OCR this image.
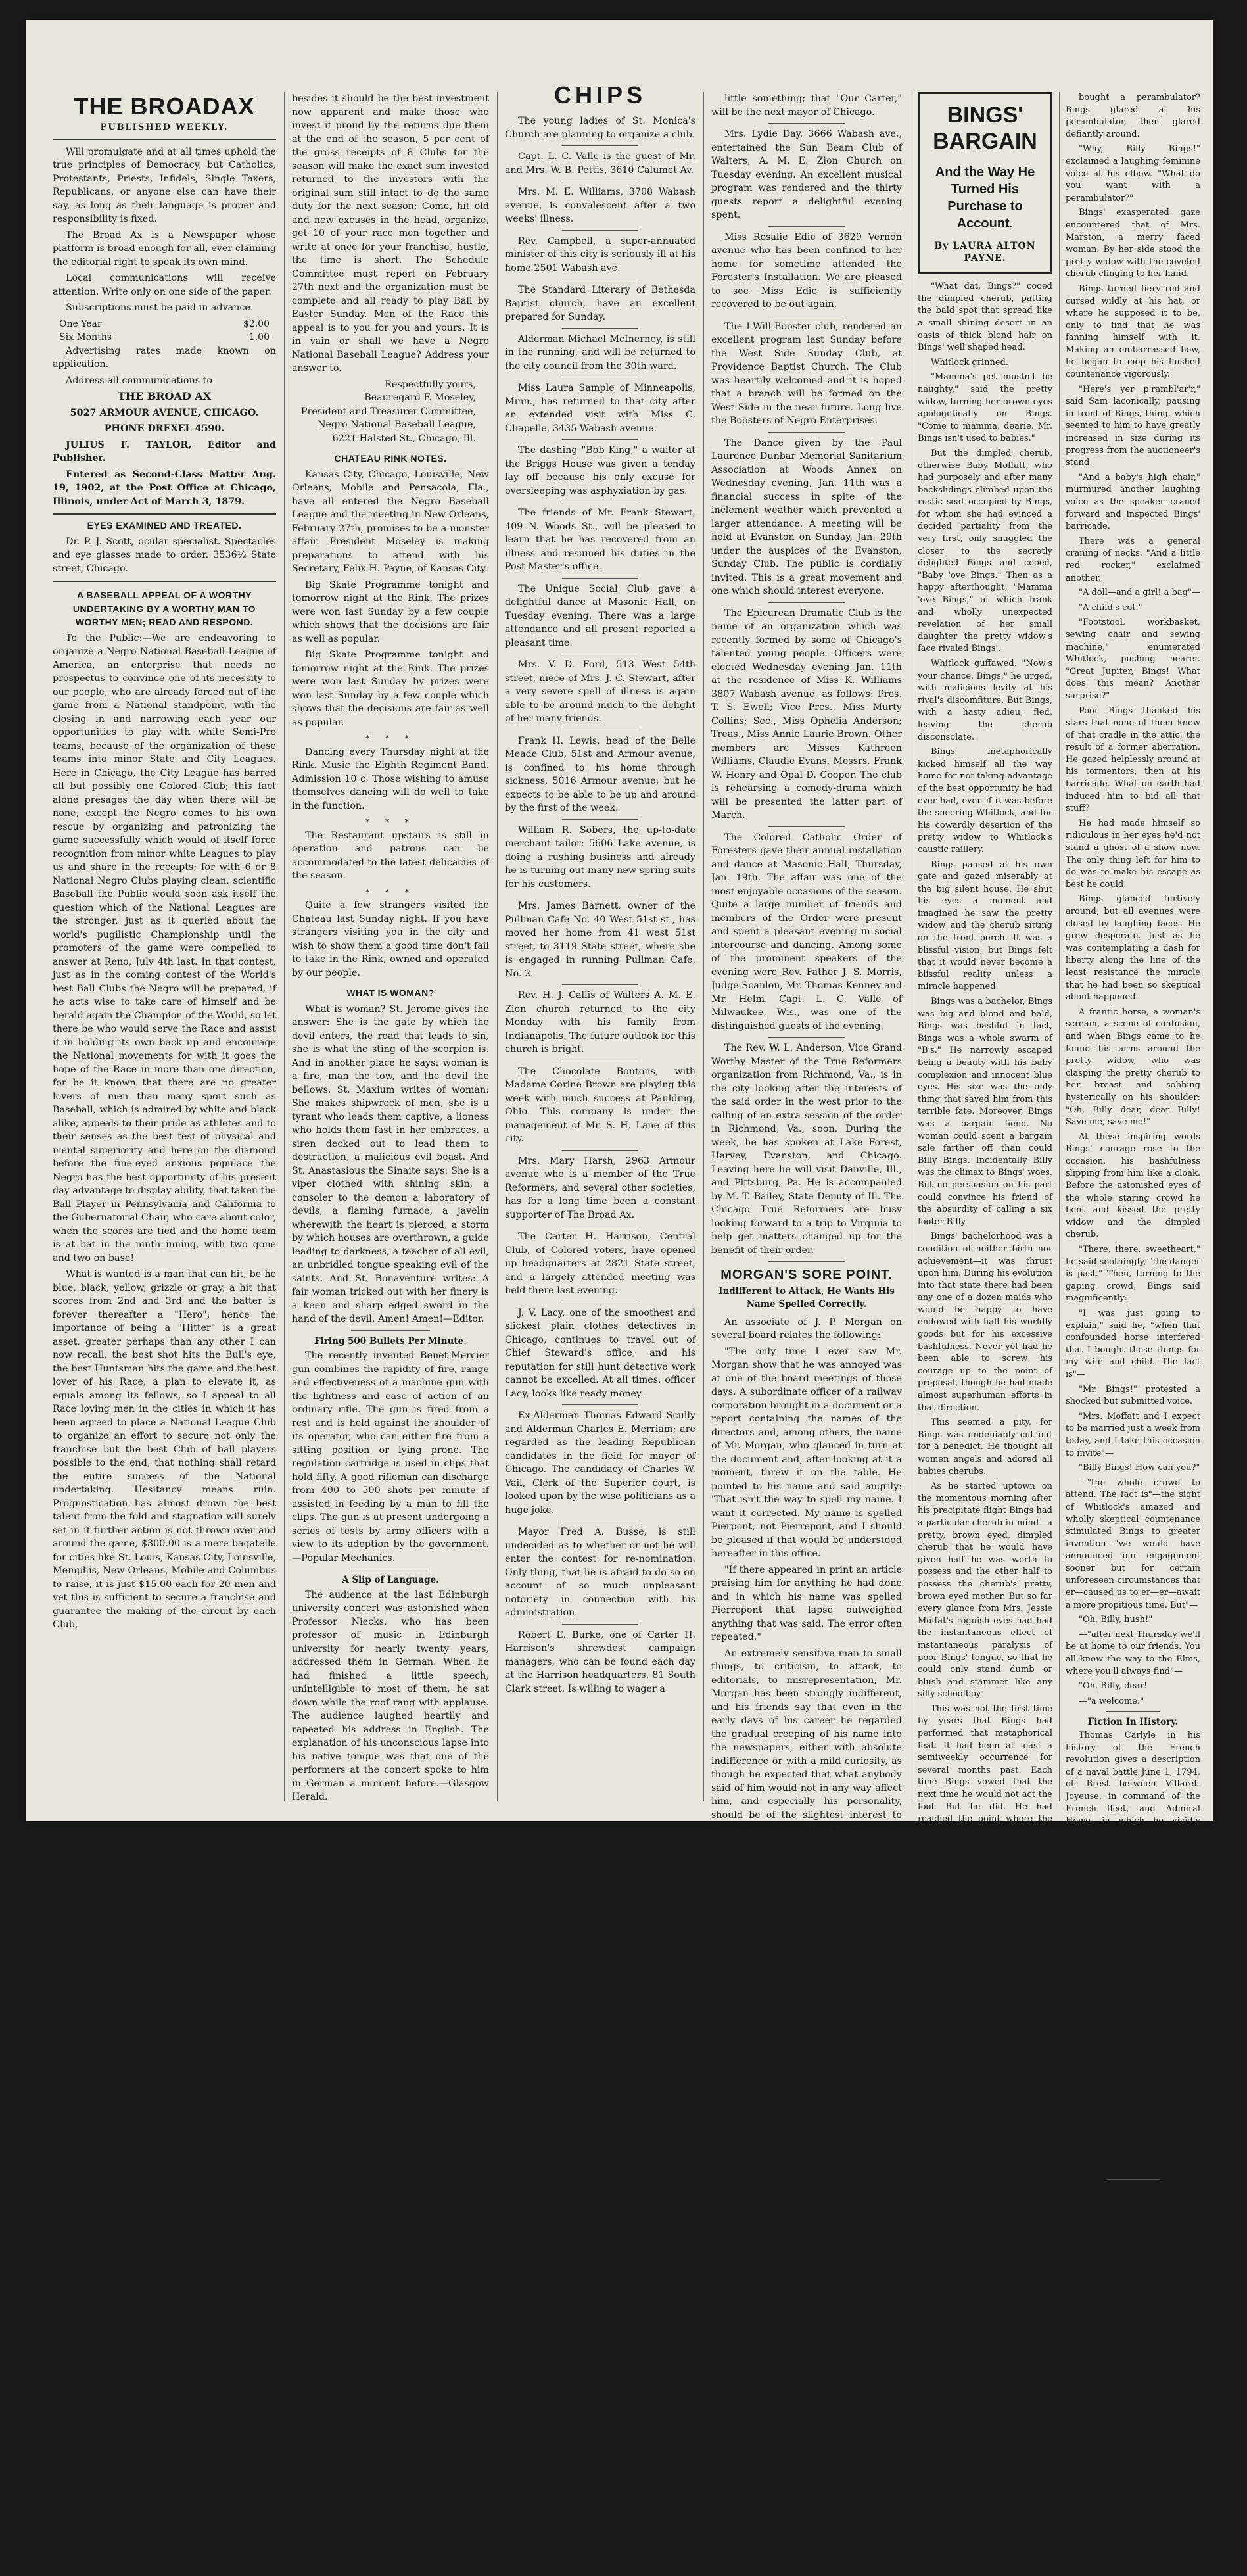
THE BROADAX
PUBLISHED WEEKLY.

Will promulgate and at all times uphold the true principles of Democracy, but Catholics, Protestants, Priests, Infidels, Single Taxers, Republicans, or anyone else can have their say, as long as their language is proper and responsibility is fixed.

The Broad Ax is a Newspaper whose platform is broad enough for all, ever claiming the editorial right to speak its own mind.

Local communications will receive attention. Write only on one side of the paper.

Subscriptions must be paid in advance.

One Year	$2.00
Six Months	1.00

Advertising rates made known on application.

Address all communications to

THE BROAD AX
5027 ARMOUR AVENUE, CHICAGO.
PHONE DREXEL 4590.

JULIUS F. TAYLOR, Editor and Publisher.

Entered as Second-Class Matter Aug. 19, 1902, at the Post Office at Chicago, Illinois, under Act of March 3, 1879.

EYES EXAMINED AND TREATED.

Dr. P. J. Scott, ocular specialist. Spectacles and eye glasses made to order. 3536½ State street, Chicago.

A BASEBALL APPEAL OF A WORTHY UNDERTAKING BY A WORTHY MAN TO WORTHY MEN; READ AND RESPOND.

To the Public:—We are endeavoring to organize a Negro National Baseball League of America, an enterprise that needs no prospectus to convince one of its necessity to our people, who are already forced out of the game from a National standpoint, with the closing in and narrowing each year our opportunities to play with white Semi-Pro teams, because of the organization of these teams into minor State and City Leagues. Here in Chicago, the City League has barred all but possibly one Colored Club; this fact alone presages the day when there will be none, except the Negro comes to his own rescue by organizing and patronizing the game successfully which would of itself force recognition from minor white Leagues to play us and share in the receipts; for with 6 or 8 National Negro Clubs playing clean, scientific Baseball the Public would soon ask itself the question which of the National Leagues are the stronger, just as it queried about the world's pugilistic Championship until the promoters of the game were compelled to answer at Reno, July 4th last. In that contest, just as in the coming contest of the World's best Ball Clubs the Negro will be prepared, if he acts wise to take care of himself and be herald again the Champion of the World, so let there be who would serve the Race and assist it in holding its own back up and encourage the National movements for with it goes the hope of the Race in more than one direction, for be it known that there are no greater lovers of men than many sport such as Baseball, which is admired by white and black alike, appeals to their pride as athletes and to their senses as the best test of physical and mental superiority and here on the diamond before the fine-eyed anxious populace the Negro has the best opportunity of his present day advantage to display ability, that taken the Ball Player in Pennsylvania and California to the Gubernatorial Chair, who care about color, when the scores are tied and the home team is at bat in the ninth inning, with two gone and two on base!

What is wanted is a man that can hit, be he blue, black, yellow, grizzle or gray, a hit that scores from 2nd and 3rd and the batter is forever thereafter a "Hero"; hence the importance of being a "Hitter" is a great asset, greater perhaps than any other I can now recall, the best shot hits the Bull's eye, the best Huntsman hits the game and the best lover of his Race, a plan to elevate it, as equals among its fellows, so I appeal to all Race loving men in the cities in which it has been agreed to place a National League Club to organize an effort to secure not only the franchise but the best Club of ball players possible to the end, that nothing shall retard the entire success of the National undertaking. Hesitancy means ruin. Prognostication has almost drown the best talent from the fold and stagnation will surely set in if further action is not thrown over and around the game, $300.00 is a mere bagatelle for cities like St. Louis, Kansas City, Louisville, Memphis, New Orleans, Mobile and Columbus to raise, it is just $15.00 each for 20 men and yet this is sufficient to secure a franchise and guarantee the making of the circuit by each Club,

besides it should be the best investment now apparent and make those who invest it proud by the returns due them at the end of the season, 5 per cent of the gross receipts of 8 Clubs for the season will make the exact sum invested returned to the investors with the original sum still intact to do the same duty for the next season; Come, hit old and new excuses in the head, organize, get 10 of your race men together and write at once for your franchise, hustle, the time is short. The Schedule Committee must report on February 27th next and the organization must be complete and all ready to play Ball by Easter Sunday. Men of the Race this appeal is to you for you and yours. It is in vain or shall we have a Negro National Baseball League? Address your answer to.

Respectfully yours,
Beauregard F. Moseley,
President and Treasurer Committee, Negro National Baseball League,
6221 Halsted St., Chicago, Ill.
CHATEAU RINK NOTES.

Kansas City, Chicago, Louisville, New Orleans, Mobile and Pensacola, Fla., have all entered the Negro Baseball League and the meeting in New Orleans, February 27th, promises to be a monster affair. President Moseley is making preparations to attend with his Secretary, Felix H. Payne, of Kansas City.

Big Skate Programme tonight and tomorrow night at the Rink. The prizes were won last Sunday by a few couple which shows that the decisions are fair as well as popular.

Big Skate Programme tonight and tomorrow night at the Rink. The prizes were won last Sunday by prizes were won last Sunday by a few couple which shows that the decisions are fair as well as popular.

* * *

Dancing every Thursday night at the Rink. Music the Eighth Regiment Band. Admission 10 c. Those wishing to amuse themselves dancing will do well to take in the function.

* * *

The Restaurant upstairs is still in operation and patrons can be accommodated to the latest delicacies of the season.

* * *

Quite a few strangers visited the Chateau last Sunday night. If you have strangers visiting you in the city and wish to show them a good time don't fail to take in the Rink, owned and operated by our people.

WHAT IS WOMAN?

What is woman? St. Jerome gives the answer: She is the gate by which the devil enters, the road that leads to sin, she is what the sting of the scorpion is. And in another place he says: woman is a fire, man the tow, and the devil the bellows. St. Maxium writes of woman: She makes shipwreck of men, she is a tyrant who leads them captive, a lioness who holds them fast in her embraces, a siren decked out to lead them to destruction, a malicious evil beast. And St. Anastasious the Sinaite says: She is a viper clothed with shining skin, a consoler to the demon a laboratory of devils, a flaming furnace, a javelin wherewith the heart is pierced, a storm by which houses are overthrown, a guide leading to darkness, a teacher of all evil, an unbridled tongue speaking evil of the saints. And St. Bonaventure writes: A fair woman tricked out with her finery is a keen and sharp edged sword in the hand of the devil. Amen! Amen!—Editor.

Firing 500 Bullets Per Minute.

The recently invented Benet-Mercier gun combines the rapidity of fire, range and effectiveness of a machine gun with the lightness and ease of action of an ordinary rifle. The gun is fired from a rest and is held against the shoulder of its operator, who can either fire from a sitting position or lying prone. The regulation cartridge is used in clips that hold fifty. A good rifleman can discharge from 400 to 500 shots per minute if assisted in feeding by a man to fill the clips. The gun is at present undergoing a series of tests by army officers with a view to its adoption by the government.—Popular Mechanics.

A Slip of Language.

The audience at the last Edinburgh university concert was astonished when Professor Niecks, who has been professor of music in Edinburgh university for nearly twenty years, addressed them in German. When he had finished a little speech, unintelligible to most of them, he sat down while the roof rang with applause. The audience laughed heartily and repeated his address in English. The explanation of his unconscious lapse into his native tongue was that one of the performers at the concert spoke to him in German a moment before.—Glasgow Herald.

CHIPS

The young ladies of St. Monica's Church are planning to organize a club.

Capt. L. C. Valle is the guest of Mr. and Mrs. W. B. Pettis, 3610 Calumet Av.

Mrs. M. E. Williams, 3708 Wabash avenue, is convalescent after a two weeks' illness.

Rev. Campbell, a super-annuated minister of this city is seriously ill at his home 2501 Wabash ave.

The Standard Literary of Bethesda Baptist church, have an excellent prepared for Sunday.

Alderman Michael McInerney, is still in the running, and will be returned to the city council from the 30th ward.

Miss Laura Sample of Minneapolis, Minn., has returned to that city after an extended visit with Miss C. Chapelle, 3435 Wabash avenue.

The dashing "Bob King," a waiter at the Briggs House was given a tenday lay off because his only excuse for oversleeping was asphyxiation by gas.

The friends of Mr. Frank Stewart, 409 N. Woods St., will be pleased to learn that he has recovered from an illness and resumed his duties in the Post Master's office.

The Unique Social Club gave a delightful dance at Masonic Hall, on Tuesday evening. There was a large attendance and all present reported a pleasant time.

Mrs. V. D. Ford, 513 West 54th street, niece of Mrs. J. C. Stewart, after a very severe spell of illness is again able to be around much to the delight of her many friends.

Frank H. Lewis, head of the Belle Meade Club, 51st and Armour avenue, is confined to his home through sickness, 5016 Armour avenue; but he expects to be able to be up and around by the first of the week.

William R. Sobers, the up-to-date merchant tailor; 5606 Lake avenue, is doing a rushing business and already he is turning out many new spring suits for his customers.

Mrs. James Barnett, owner of the Pullman Cafe No. 40 West 51st st., has moved her home from 41 west 51st street, to 3119 State street, where she is engaged in running Pullman Cafe, No. 2.

Rev. H. J. Callis of Walters A. M. E. Zion church returned to the city Monday with his family from Indianapolis. The future outlook for this church is bright.

The Chocolate Bontons, with Madame Corine Brown are playing this week with much success at Paulding, Ohio. This company is under the management of Mr. S. H. Lane of this city.

Mrs. Mary Harsh, 2963 Armour avenue who is a member of the True Reformers, and several other societies, has for a long time been a constant supporter of The Broad Ax.

The Carter H. Harrison, Central Club, of Colored voters, have opened up headquarters at 2821 State street, and a largely attended meeting was held there last evening.

J. V. Lacy, one of the smoothest and slickest plain clothes detectives in Chicago, continues to travel out of Chief Steward's office, and his reputation for still hunt detective work cannot be excelled. At all times, officer Lacy, looks like ready money.

Ex-Alderman Thomas Edward Scully and Alderman Charles E. Merriam; are regarded as the leading Republican candidates in the field for mayor of Chicago. The candidacy of Charles W. Vail, Clerk of the Superior court, is looked upon by the wise politicians as a huge joke.

Mayor Fred A. Busse, is still undecided as to whether or not he will enter the contest for re-nomination. Only thing, that he is afraid to do so on account of so much unpleasant notoriety in connection with his administration.

Robert E. Burke, one of Carter H. Harrison's shrewdest campaign managers, who can be found each day at the Harrison headquarters, 81 South Clark street. Is willing to wager a

little something; that "Our Carter," will be the next mayor of Chicago.

Mrs. Lydie Day, 3666 Wabash ave., entertained the Sun Beam Club of Walters, A. M. E. Zion Church on Tuesday evening. An excellent musical program was rendered and the thirty guests report a delightful evening spent.

Miss Rosalie Edie of 3629 Vernon avenue who has been confined to her home for sometime attended the Forester's Installation. We are pleased to see Miss Edie is sufficiently recovered to be out again.

The I-Will-Booster club, rendered an excellent program last Sunday before the West Side Sunday Club, at Providence Baptist Church. The Club was heartily welcomed and it is hoped that a branch will be formed on the West Side in the near future. Long live the Boosters of Negro Enterprises.

The Dance given by the Paul Laurence Dunbar Memorial Sanitarium Association at Woods Annex on Wednesday evening, Jan. 11th was a financial success in spite of the inclement weather which prevented a larger attendance. A meeting will be held at Evanston on Sunday, Jan. 29th under the auspices of the Evanston, Sunday Club. The public is cordially invited. This is a great movement and one which should interest everyone.

The Epicurean Dramatic Club is the name of an organization which was recently formed by some of Chicago's talented young people. Officers were elected Wednesday evening Jan. 11th at the residence of Miss K. Williams 3807 Wabash avenue, as follows: Pres. T. S. Ewell; Vice Pres., Miss Murty Collins; Sec., Miss Ophelia Anderson; Treas., Miss Annie Laurie Brown. Other members are Misses Kathreen Williams, Claudie Evans, Messrs. Frank W. Henry and Opal D. Cooper. The club is rehearsing a comedy-drama which will be presented the latter part of March.

The Colored Catholic Order of Foresters gave their annual installation and dance at Masonic Hall, Thursday, Jan. 19th. The affair was one of the most enjoyable occasions of the season. Quite a large number of friends and members of the Order were present and spent a pleasant evening in social intercourse and dancing. Among some of the prominent speakers of the evening were Rev. Father J. S. Morris, Judge Scanlon, Mr. Thomas Kenney and Mr. Helm. Capt. L. C. Valle of Milwaukee, Wis., was one of the distinguished guests of the evening.

The Rev. W. L. Anderson, Vice Grand Worthy Master of the True Reformers organization from Richmond, Va., is in the city looking after the interests of the said order in the west prior to the calling of an extra session of the order in Richmond, Va., soon. During the week, he has spoken at Lake Forest, Harvey, Evanston, and Chicago. Leaving here he will visit Danville, Ill., and Pittsburg, Pa. He is accompanied by M. T. Bailey, State Deputy of Ill. The Chicago True Reformers are busy looking forward to a trip to Virginia to help get matters changed up for the benefit of their order.

MORGAN'S SORE POINT.
Indifferent to Attack, He Wants His Name Spelled Correctly.

An associate of J. P. Morgan on several board relates the following:

"The only time I ever saw Mr. Morgan show that he was annoyed was at one of the board meetings of those days. A subordinate officer of a railway corporation brought in a document or a report containing the names of the directors and, among others, the name of Mr. Morgan, who glanced in turn at the document and, after looking at it a moment, threw it on the table. He pointed to his name and said angrily: 'That isn't the way to spell my name. I want it corrected. My name is spelled Pierpont, not Pierrepont, and I should be pleased if that would be understood hereafter in this office.'

"If there appeared in print an article praising him for anything he had done and in which his name was spelled Pierrepont that lapse outweighed anything that was said. The error often repeated."

An extremely sensitive man to small things, to criticism, to attack, to editorials, to misrepresentation, Mr. Morgan has been strongly indifferent, and his friends say that even in the early days of his career he regarded the gradual creeping of his name into the newspapers, either with absolute indifference or with a mild curiosity, as though he expected that what anybody said of him would not in any way affect him, and especially his personality, should be of the slightest interest to the public.—From "The Life Story of J. P. Morgan" in Metropolitan Magazine.

BINGS' BARGAIN
And the Way He Turned His Purchase to Account.
By LAURA ALTON PAYNE.

"What dat, Bings?" cooed the dimpled cherub, patting the bald spot that spread like a small shining desert in an oasis of thick blond hair on Bings' well shaped head.

Whitlock grinned.

"Mamma's pet mustn't be naughty," said the pretty widow, turning her brown eyes apologetically on Bings. "Come to mamma, dearie. Mr. Bings isn't used to babies."

But the dimpled cherub, otherwise Baby Moffatt, who had purposely and after many backslidings climbed upon the rustic seat occupied by Bings, for whom she had evinced a decided partiality from the very first, only snuggled the closer to the secretly delighted Bings and cooed, "Baby 'ove Bings." Then as a happy afterthought, "Mamma 'ove Bings," at which frank and wholly unexpected revelation of her small daughter the pretty widow's face rivaled Bings'.

Whitlock guffawed. "Now's your chance, Bings," he urged, with malicious levity at his rival's discomfiture. But Bings, with a hasty adieu, fled, leaving the cherub disconsolate.

Bings metaphorically kicked himself all the way home for not taking advantage of the best opportunity he had ever had, even if it was before the sneering Whitlock, and for his cowardly desertion of the pretty widow to Whitlock's caustic raillery.

Bings paused at his own gate and gazed miserably at the big silent house. He shut his eyes a moment and imagined he saw the pretty widow and the cherub sitting on the front porch. It was a blissful vision, but Bings felt that it would never become a blissful reality unless a miracle happened.

Bings was a bachelor, Bings was big and blond and bald, Bings was bashful—in fact, Bings was a whole swarm of "B's." He narrowly escaped being a beauty with his baby complexion and innocent blue eyes. His size was the only thing that saved him from this terrible fate. Moreover, Bings was a bargain fiend. No woman could scent a bargain sale farther off than could Billy Bings. Incidentally Billy was the climax to Bings' woes. But no persuasion on his part could convince his friend of the absurdity of calling a six footer Billy.

Bings' bachelorhood was a condition of neither birth nor achievement—it was thrust upon him. During his evolution into that state there had been any one of a dozen maids who would be happy to have endowed with half his worldly goods but for his excessive bashfulness. Never yet had he been able to screw his courage up to the point of proposal, though he had made almost superhuman efforts in that direction.

This seemed a pity, for Bings was undeniably cut out for a benedict. He thought all women angels and adored all babies cherubs.

As he started uptown on the momentous morning after his precipitate flight Bings had a particular cherub in mind—a pretty, brown eyed, dimpled cherub that he would have given half he was worth to possess and the other half to possess the cherub's pretty, brown eyed mother. But so far every glance from Mrs. Jessie Moffat's roguish eyes had had the instantaneous effect of instantaneous paralysis of poor Bings' tongue, so that he could only stand dumb or blush and stammer like any silly schoolboy.

This was not the first time by years that Bings had performed that metaphorical feat. It had been at least a semiweekly occurrence for several months past. Each time Bings vowed that the next time he would not act the fool. But he did. He had reached the point where the inevitable mental fear of vanity was punctuated with a vigorous ejaculation that would have shocked the pretty widow had she heard it.

Bings felt his helplessness bitterly. So absorbed was he in his thought as he picked his way along the shady street that he failed to observe the widow a block or so ahead of him. A deep gloom enveloped Bings' soul that bright June morning.

"Unmistakably no!" he muttered. "If something doesn't happen soon I'll"—

"Going, going—gone!"

Bings' ears pricked up his ears and hastened his steps. An auction and he not to know it! Turning a corner, he came full upon a familiar scene just as a table was knocked down to the highest bidder. Bings' eyes gloated over the unusual display of household goods spread upon the lawn.

"Fifty cents!" bid a voice in the crowd as the auctioneer held up an article. It was Whitlock's voice. Bings' wrath flamed up, and before he had time to think he was bidding furiously against his rival. Fast in the grip of "bargain fever" and wheeled on by Whitlock, Bings rapidly became possessor of various articles that were of as much use to him at that period of his existence as a celestial harp and a pair of wings. Had Bings intercepted the exchange of winks between Whitlock and the auctioneer he might have been more cautious. As it was, the barricade around Bings grew and grew.

"Going, going—gone!" shouted the auctioneer. "Dirt cheap at that, Mr. Bings. Here you are, sir," he perambulator around to Mr. Bings.

Perambulator! Heavens! Had he

bought a perambulator? Bings glared at his perambulator, then glared defiantly around.

"Why, Billy Bings!" exclaimed a laughing feminine voice at his elbow. "What do you want with a perambulator?"

Bings' exasperated gaze encountered that of Mrs. Marston, a merry faced woman. By her side stood the pretty widow with the coveted cherub clinging to her hand.

Bings turned fiery red and cursed wildly at his hat, or where he supposed it to be, only to find that he was fanning himself with it. Making an embarrassed bow, he began to mop his flushed countenance vigorously.

"Here's yer p'rambl'ar'r," said Sam laconically, pausing in front of Bings, thing, which seemed to him to have greatly increased in size during its progress from the auctioneer's stand.

"And a baby's high chair," murmured another laughing voice as the speaker craned forward and inspected Bings' barricade.

There was a general craning of necks. "And a little red rocker," exclaimed another.

"A doll—and a girl! a bag"—

"A child's cot."

"Footstool, workbasket, sewing chair and sewing machine," enumerated Whitlock, pushing nearer. "Great Jupiter, Bings! What does this mean? Another surprise?"

Poor Bings thanked his stars that none of them knew of that cradle in the attic, the result of a former aberration. He gazed helplessly around at his tormentors, then at his barricade. What on earth had induced him to bid all that stuff?

He had made himself so ridiculous in her eyes he'd not stand a ghost of a show now. The only thing left for him to do was to make his escape as best he could.

Bings glanced furtively around, but all avenues were closed by laughing faces. He grew desperate. Just as he was contemplating a dash for liberty along the line of the least resistance the miracle that he had been so skeptical about happened.

A frantic horse, a woman's scream, a scene of confusion, and when Bings came to he found his arms around the pretty widow, who was clasping the pretty cherub to her breast and sobbing hysterically on his shoulder: "Oh, Billy—dear, dear Billy! Save me, save me!"

At these inspiring words Bings' courage rose to the occasion, his bashfulness slipping from him like a cloak. Before the astonished eyes of the whole staring crowd he bent and kissed the pretty widow and the dimpled cherub.

"There, there, sweetheart," he said soothingly, "the danger is past." Then, turning to the gaping crowd, Bings said magnificently:

"I was just going to explain," said he, "when that confounded horse interfered that I bought these things for my wife and child. The fact is"—

"Mr. Bings!" protested a shocked but submitted voice.

"Mrs. Moffatt and I expect to be married just a week from today, and I take this occasion to invite"—

"Billy Bings! How can you?"

—"the whole crowd to attend. The fact is"—the sight of Whitlock's amazed and wholly skeptical countenance stimulated Bings to greater invention—"we would have announced our engagement sooner but for certain unforeseen circumstances that er—caused us to er—er—await a more propitious time. But"—

"Oh, Billy, hush!"

—"after next Thursday we'll be at home to our friends. You all know the way to the Elms, where you'll always find"—

"Oh, Billy, dear!

—"a welcome."

Fiction In History.

Thomas Carlyle in his history of the French revolution gives a description of a naval battle June 1, 1794, off Brest between Villaret-Joyeuse, in command of the French fleet, and Admiral Howe, in which he vividly depicted the sinking of the Vengeur.

These are the concluding sentences: "Lo, all flags, streamers, jacks, every rag of tricolor that will yet run on rope fly rustling aloft; the whole crew crowds to the upper deck and, with universal, soul maddening yell, shouts, 'Vive la republique!' sinking, sinking. She staggers, she lurches, her last drunk whirl. Ocean yawns abysmal; down rushes the Vengeur, carrying 'Vive la republique!' along with her, unconquerable, into eternity."

Rear Admiral Griffiths, at the time a lieutenant on board the Culloden, wrote to a newspaper to show that Carlyle's account had no foundation in fact. After investigation Carlyle admitted that not a word of this thrilling story was true except that the Vengeur sank.

Small, but Deadly.

The fly, the flea and the mosquito are the veritable scourges of the human race in the disease they carry. The fly carries disease which decimate the native population of the African highlands. The mosquito spreads malaria, the most ubiquitous of tropical diseases, and it is suspected of propagating yellow fever as well, and the flea spreads plague. In the East itself there is usually only one kind of flea, Pulex cheopis, which spreads the infection, and of the mosquitoes, only Anopheles is most guilty, while so far as known no wood fly—the Ceratophyllus fasciatus and the Typhlopsylla musculi—are not very partial to human blood, though in the second will take to it more readily than the first. Happily for the white race, the tropic fly the dwellers in temperate climes, the range of most of these dangerous and tropic species is limited to the tropics.—London Graphic.
